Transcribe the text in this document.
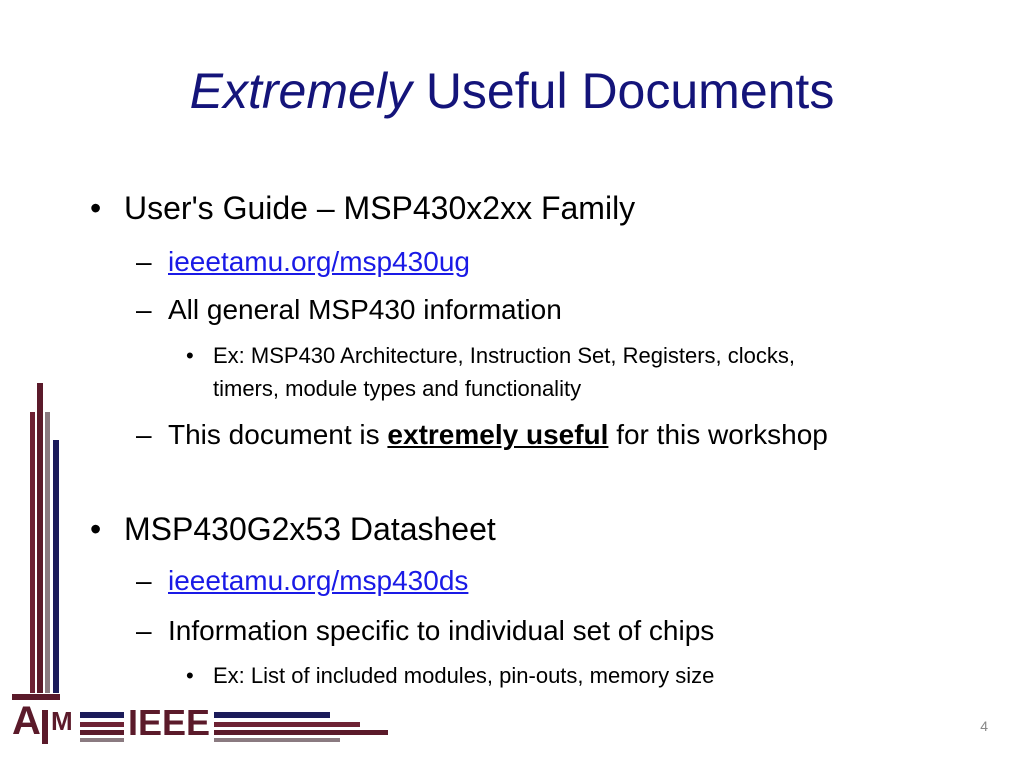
Extremely Useful Documents
• User's Guide – MSP430x2xx Family
– ieeetamu.org/msp430ug
– All general MSP430 information
• Ex: MSP430 Architecture, Instruction Set, Registers, clocks,
timers, module types and functionality
– This document is extremely useful for this workshop
• MSP430G2x53 Datasheet
– ieeetamu.org/msp430ds
– Information specific to individual set of chips
• Ex: List of included modules, pin-outs, memory size
A M IEEE	4
